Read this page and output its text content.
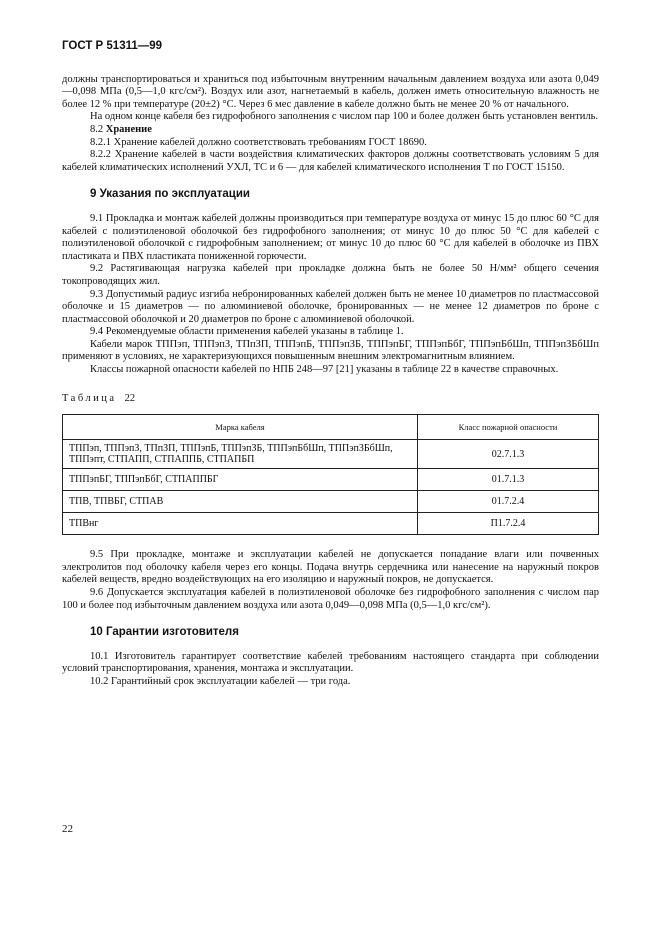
ГОСТ Р 51311—99

должны транспортироваться и храниться под избыточным внутренним начальным давлением воздуха или азота 0,049—0,098 МПа (0,5—1,0 кгс/см²). Воздух или азот, нагнетаемый в кабель, должен иметь относительную влажность не более 12 % при температуре (20±2) °С. Через 6 мес давление в кабеле должно быть не менее 20 % от начального.

На одном конце кабеля без гидрофобного заполнения с числом пар 100 и более должен быть установлен вентиль.

8.2 Хранение

8.2.1 Хранение кабелей должно соответствовать требованиям ГОСТ 18690.

8.2.2 Хранение кабелей в части воздействия климатических факторов должны соответствовать условиям 5 для кабелей климатических исполнений УХЛ, ТС и 6 — для кабелей климатического исполнения Т по ГОСТ 15150.

9 Указания по эксплуатации

9.1 Прокладка и монтаж кабелей должны производиться при температуре воздуха от минус 15 до плюс 60 °С для кабелей с полиэтиленовой оболочкой без гидрофобного заполнения; от минус 10 до плюс 50 °С для кабелей с полиэтиленовой оболочкой с гидрофобным заполнением; от минус 10 до плюс 60 °С для кабелей в оболочке из ПВХ пластиката и ПВХ пластиката пониженной горючести.

9.2 Растягивающая нагрузка кабелей при прокладке должна быть не более 50 Н/мм² общего сечения токопроводящих жил.

9.3 Допустимый радиус изгиба небронированных кабелей должен быть не менее 10 диаметров по пластмассовой оболочке и 15 диаметров — по алюминиевой оболочке, бронированных — не менее 12 диаметров по броне с пластмассовой оболочкой и 20 диаметров по броне с алюминиевой оболочкой.

9.4 Рекомендуемые области применения кабелей указаны в таблице 1.

Кабели марок ТППэп, ТППэпЗ, ТПпЗП, ТППэпБ, ТППэпЗБ, ТППэпБГ, ТППэпБбГ, ТППэпБбШп, ТППэпЗБбШп применяют в условиях, не характеризующихся повышенным внешним электромагнитным влиянием.

Классы пожарной опасности кабелей по НПБ 248—97 [21] указаны в таблице 22 в качестве справочных.

Таблица 22
Марка кабеля	Класс пожарной опасности
ТППэп, ТППэпЗ, ТПпЗП, ТППэпБ, ТППэпЗБ, ТППэпБбШп, ТППэпЗБбШп, ТППэпт, СТПАПП, СТПАППБ, СТПАПБП	02.7.1.3
ТППэпБГ, ТППэпБбГ, СТПАППБГ	01.7.1.3
ТПВ, ТПВБГ, СТПАВ	01.7.2.4
ТПВнг	П1.7.2.4

9.5 При прокладке, монтаже и эксплуатации кабелей не допускается попадание влаги или почвенных электролитов под оболочку кабеля через его концы. Подача внутрь сердечника или нанесение на наружный покров кабелей веществ, вредно воздействующих на его изоляцию и наружный покров, не допускается.

9.6 Допускается эксплуатация кабелей в полиэтиленовой оболочке без гидрофобного заполнения с числом пар 100 и более под избыточным давлением воздуха или азота 0,049—0,098 МПа (0,5—1,0 кгс/см²).

10 Гарантии изготовителя

10.1 Изготовитель гарантирует соответствие кабелей требованиям настоящего стандарта при соблюдении условий транспортирования, хранения, монтажа и эксплуатации.

10.2 Гарантийный срок эксплуатации кабелей — три года.

22
